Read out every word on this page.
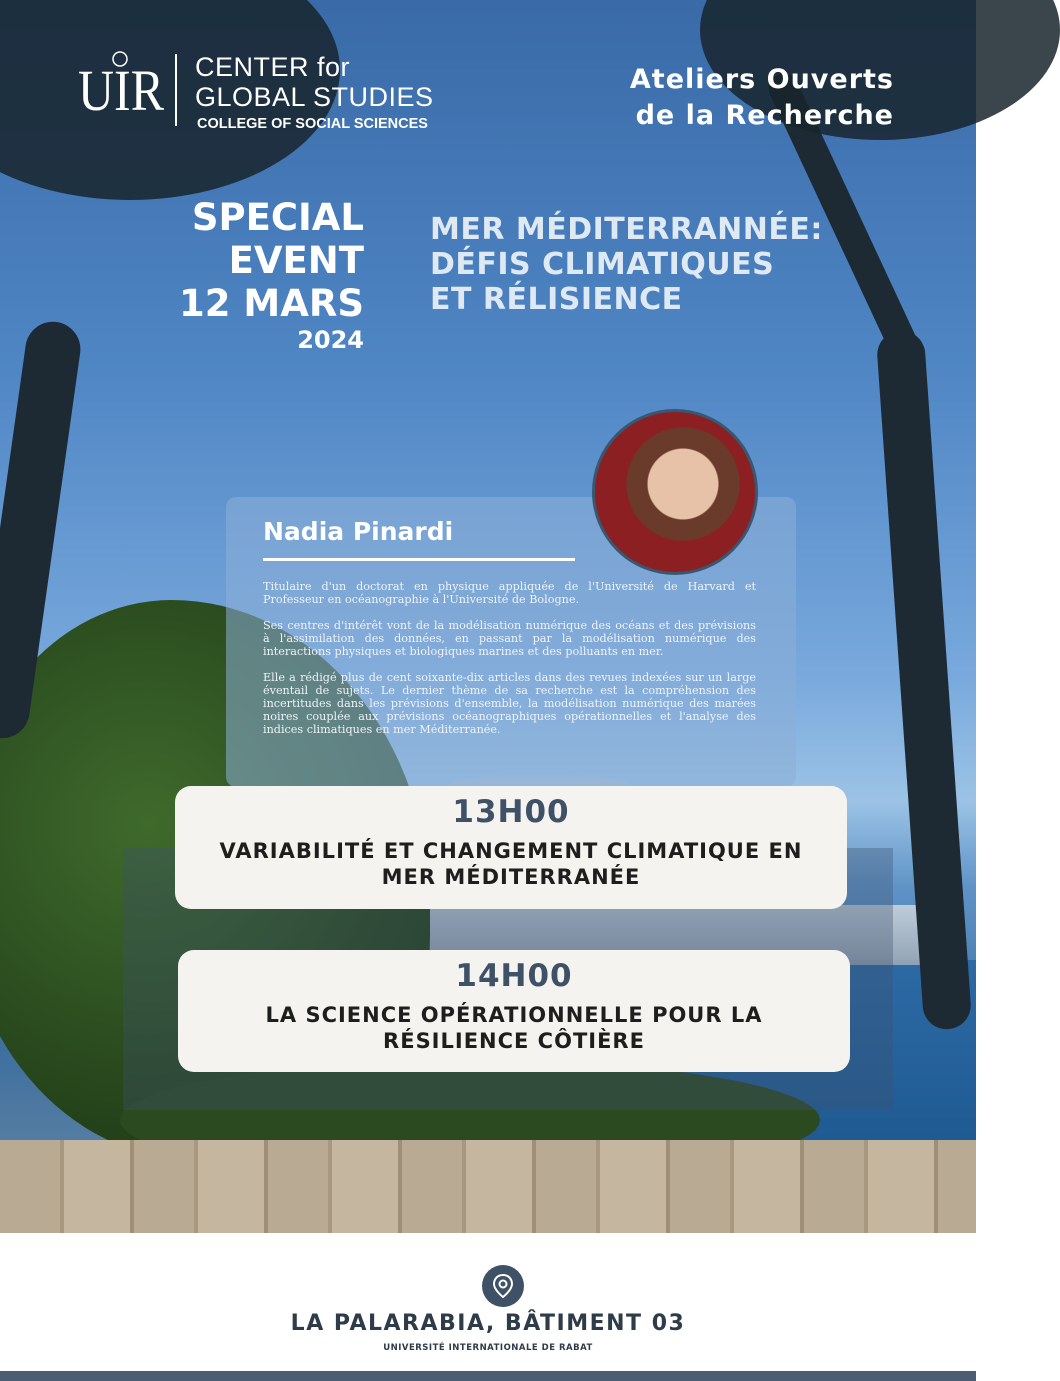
UIR CENTER for
GLOBAL STUDIES
COLLEGE OF SOCIAL SCIENCES
Ateliers Ouverts
de la Recherche
SPECIAL
EVENT
12 MARS
2024
MER MÉDITERRANNÉE:
DÉFIS CLIMATIQUES
ET RÉLISIENCE
Nadia Pinardi

Titulaire d'un doctorat en physique appliquée de l'Université de Harvard et Professeur en océanographie à l'Université de Bologne.

Ses centres d'intérêt vont de la modélisation numérique des océans et des prévisions à l'assimilation des données, en passant par la modélisation numérique des interactions physiques et biologiques marines et des polluants en mer.

Elle a rédigé plus de cent soixante-dix articles dans des revues indexées sur un large éventail de sujets. Le dernier thème de sa recherche est la compréhension des incertitudes dans les prévisions d'ensemble, la modélisation numérique des marées noires couplée aux prévisions océanographiques opérationnelles et l'analyse des indices climatiques en mer Méditerranée.

13H00
VARIABILITÉ ET CHANGEMENT CLIMATIQUE EN MER MÉDITERRANÉE
14H00
LA SCIENCE OPÉRATIONNELLE POUR LA RÉSILIENCE CÔTIÈRE
LA PALARABIA, BÂTIMENT 03
UNIVERSITÉ INTERNATIONALE DE RABAT
